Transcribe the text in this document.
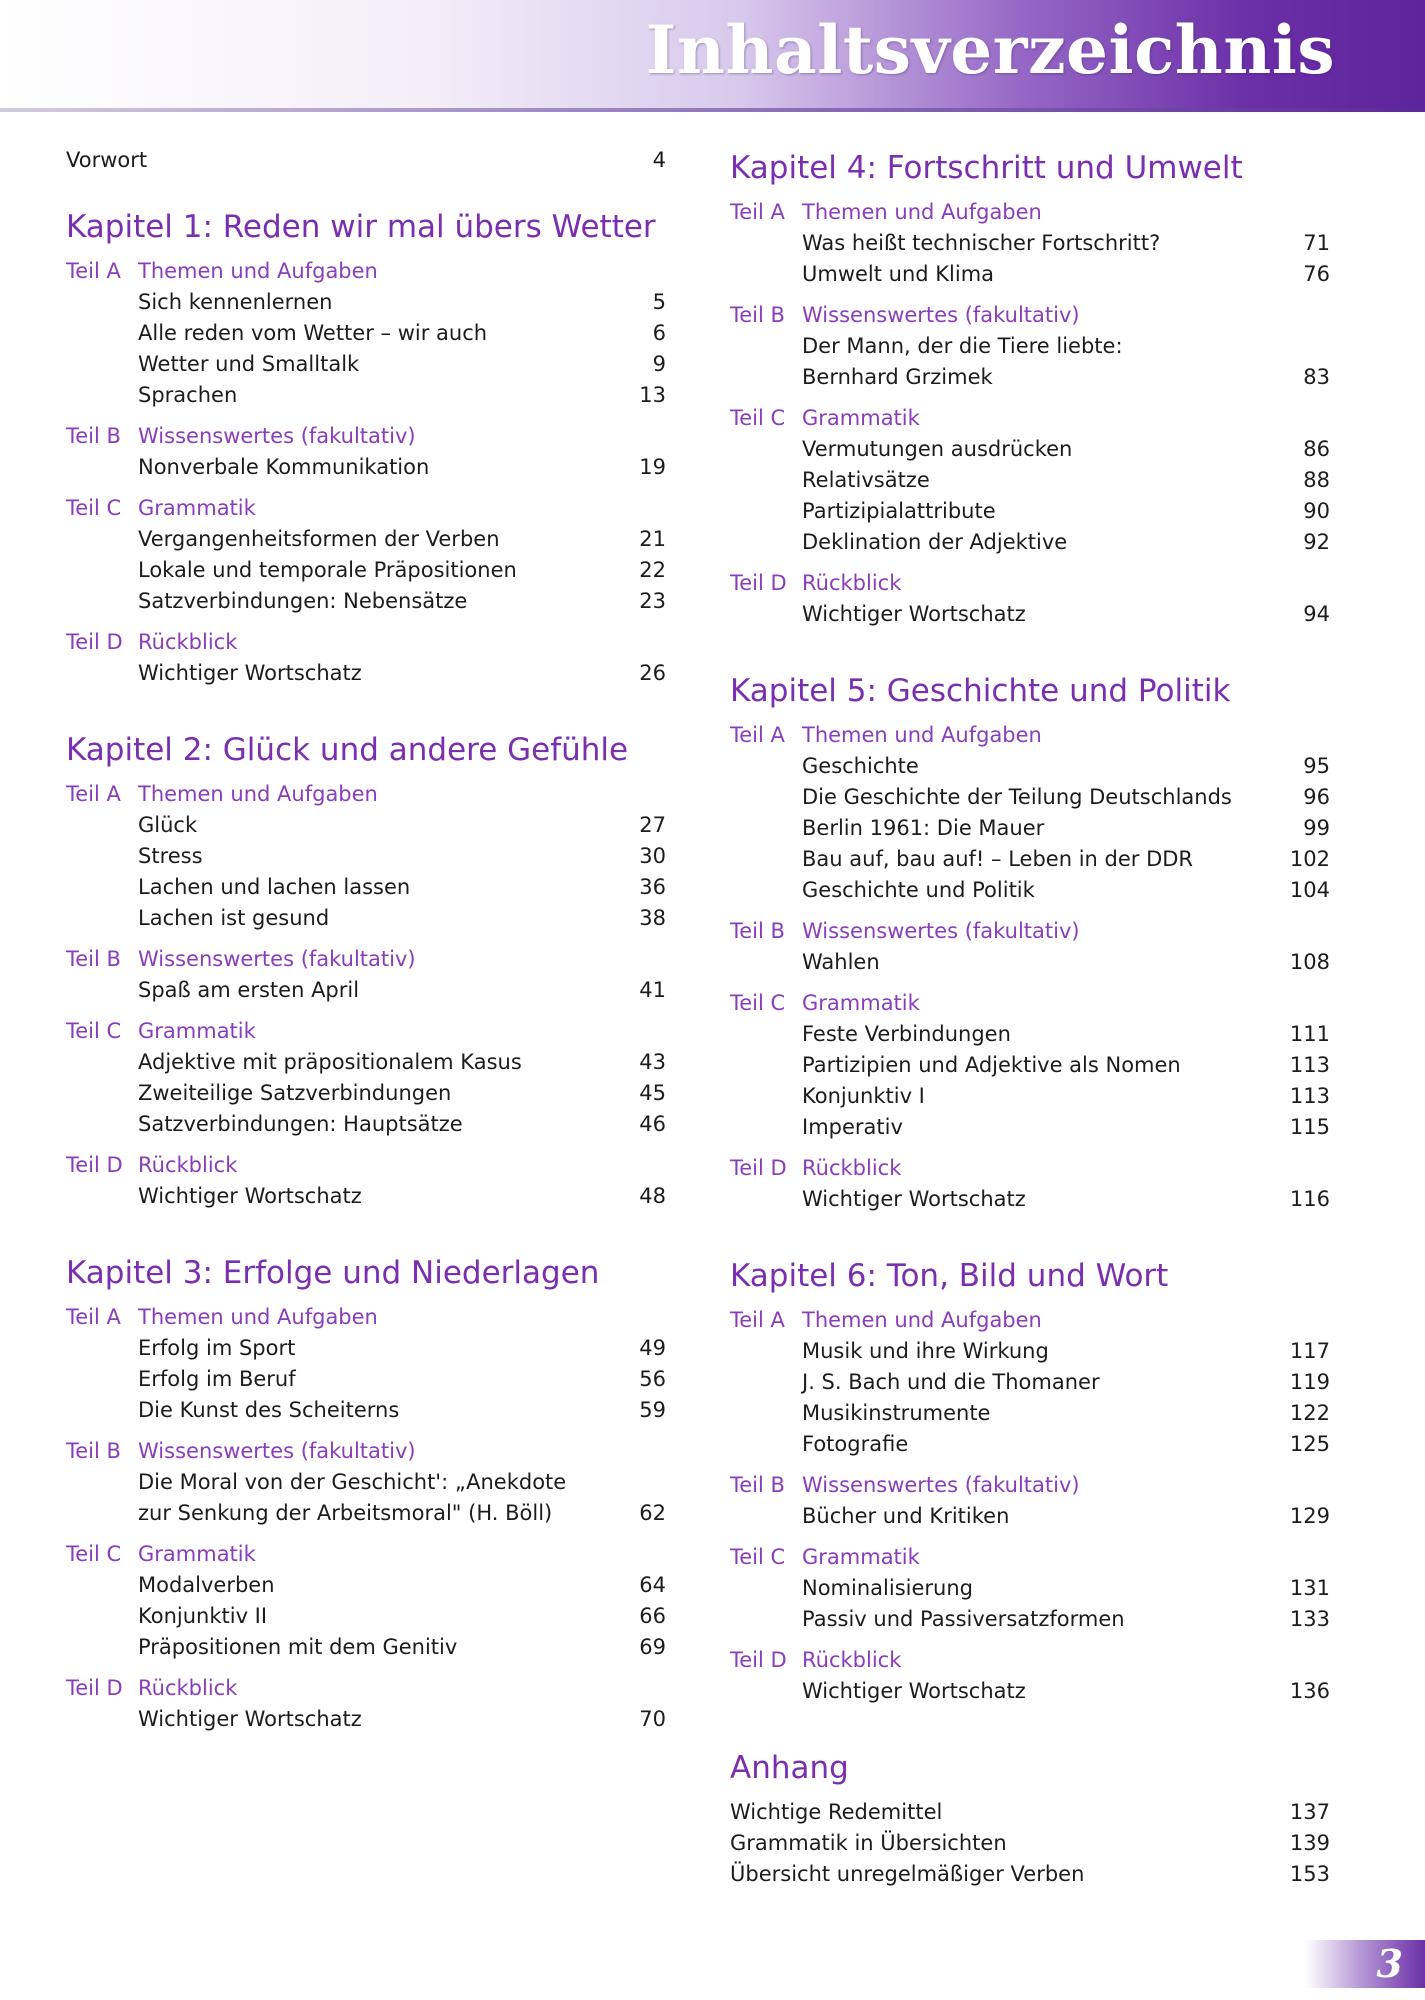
Inhaltsverzeichnis
Vorwort	4
Kapitel 1: Reden wir mal übers Wetter
Teil A Themen und Aufgaben
Sich kennenlernen	5
Alle reden vom Wetter – wir auch	6
Wetter und Smalltalk	9
Sprachen	13
Teil B Wissenswertes (fakultativ)
Nonverbale Kommunikation	19
Teil C Grammatik
Vergangenheitsformen der Verben	21
Lokale und temporale Präpositionen	22
Satzverbindungen: Nebensätze	23
Teil D Rückblick
Wichtiger Wortschatz	26
Kapitel 2: Glück und andere Gefühle
Teil A Themen und Aufgaben
Glück	27
Stress	30
Lachen und lachen lassen	36
Lachen ist gesund	38
Teil B Wissenswertes (fakultativ)
Spaß am ersten April	41
Teil C Grammatik
Adjektive mit präpositionalem Kasus	43
Zweiteilige Satzverbindungen	45
Satzverbindungen: Hauptsätze	46
Teil D Rückblick
Wichtiger Wortschatz	48
Kapitel 3: Erfolge und Niederlagen
Teil A Themen und Aufgaben
Erfolg im Sport	49
Erfolg im Beruf	56
Die Kunst des Scheiterns	59
Teil B Wissenswertes (fakultativ)
Die Moral von der Geschicht': „Anekdote
zur Senkung der Arbeitsmoral" (H. Böll)	62
Teil C Grammatik
Modalverben	64
Konjunktiv II	66
Präpositionen mit dem Genitiv	69
Teil D Rückblick
Wichtiger Wortschatz	70
Kapitel 4: Fortschritt und Umwelt
Teil A Themen und Aufgaben
Was heißt technischer Fortschritt?	71
Umwelt und Klima	76
Teil B Wissenswertes (fakultativ)
Der Mann, der die Tiere liebte:
Bernhard Grzimek	83
Teil C Grammatik
Vermutungen ausdrücken	86
Relativsätze	88
Partizipialattribute	90
Deklination der Adjektive	92
Teil D Rückblick
Wichtiger Wortschatz	94
Kapitel 5: Geschichte und Politik
Teil A Themen und Aufgaben
Geschichte	95
Die Geschichte der Teilung Deutschlands	96
Berlin 1961: Die Mauer	99
Bau auf, bau auf! – Leben in der DDR	102
Geschichte und Politik	104
Teil B Wissenswertes (fakultativ)
Wahlen	108
Teil C Grammatik
Feste Verbindungen	111
Partizipien und Adjektive als Nomen	113
Konjunktiv I	113
Imperativ	115
Teil D Rückblick
Wichtiger Wortschatz	116
Kapitel 6: Ton, Bild und Wort
Teil A Themen und Aufgaben
Musik und ihre Wirkung	117
J. S. Bach und die Thomaner	119
Musikinstrumente	122
Fotografie	125
Teil B Wissenswertes (fakultativ)
Bücher und Kritiken	129
Teil C Grammatik
Nominalisierung	131
Passiv und Passiversatzformen	133
Teil D Rückblick
Wichtiger Wortschatz	136
Anhang
Wichtige Redemittel	137
Grammatik in Übersichten	139
Übersicht unregelmäßiger Verben	153
3
